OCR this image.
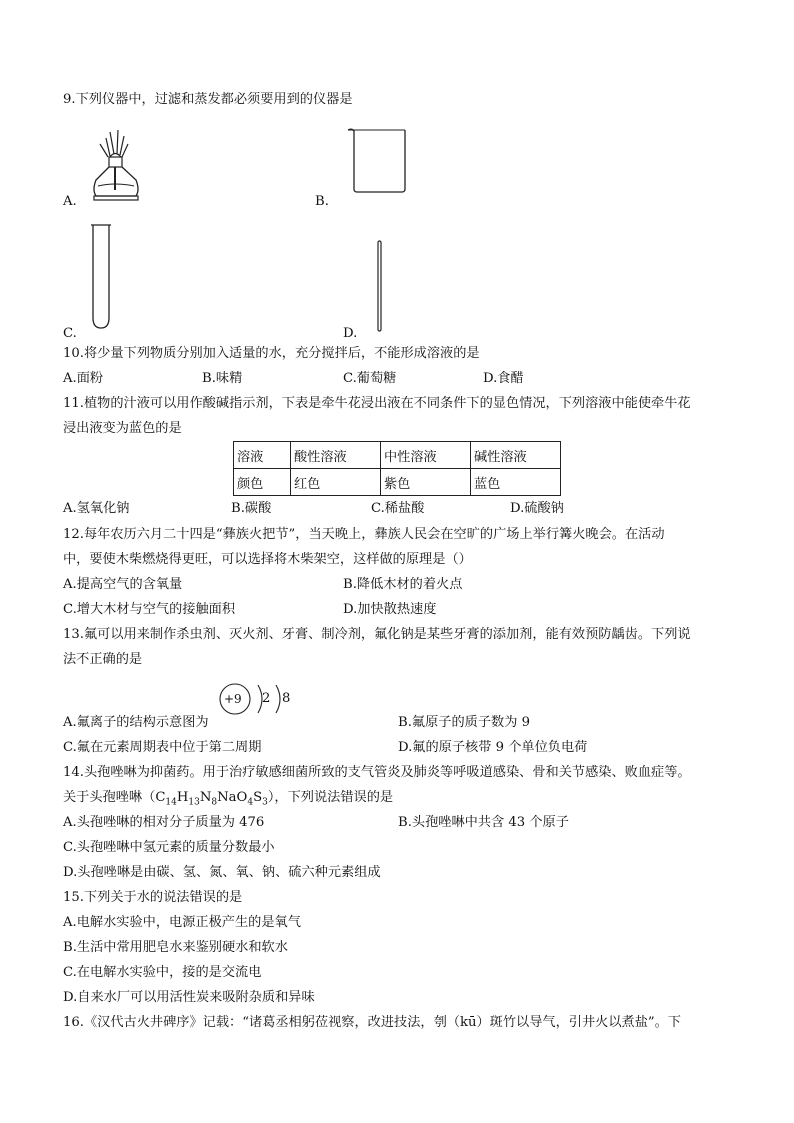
9.下列仪器中，过滤和蒸发都必须要用到的仪器是
A.	B.
C.	D.
10.将少量下列物质分别加入适量的水，充分搅拌后，不能形成溶液的是
A.面粉	B.味精	C.葡萄糖	D.食醋
11.植物的汁液可以用作酸碱指示剂，下表是牵牛花浸出液在不同条件下的显色情况，下列溶液中能使牵牛花
浸出液变为蓝色的是
溶液	酸性溶液	中性溶液	碱性溶液
颜色	红色	紫色	蓝色
A.氢氧化钠	B.碳酸	C.稀盐酸	D.硫酸钠
12.每年农历六月二十四是“彝族火把节”，当天晚上，彝族人民会在空旷的广场上举行篝火晚会。在活动
中，要使木柴燃烧得更旺，可以选择将木柴架空，这样做的原理是（）
A.提高空气的含氧量	B.降低木材的着火点
C.增大木材与空气的接触面积	D.加快散热速度
13.氟可以用来制作杀虫剂、灭火剂、牙膏、制冷剂，氟化钠是某些牙膏的添加剂，能有效预防龋齿。下列说
法不正确的是
+9 2 8
A.氟离子的结构示意图为	B.氟原子的质子数为 9
C.氟在元素周期表中位于第二周期	D.氟的原子核带 9 个单位负电荷
14.头孢唑啉为抑菌药。用于治疗敏感细菌所致的支气管炎及肺炎等呼吸道感染、骨和关节感染、败血症等。
关于头孢唑啉$(C_{14}H_{13}N_8NaO_4S_3)$，下列说法错误的是
A.头孢唑啉的相对分子质量为 476	B.头孢唑啉中共含 43 个原子
C.头孢唑啉中氢元素的质量分数最小
D.头孢唑啉是由碳、氢、氮、氧、钠、硫六种元素组成
15.下列关于水的说法错误的是
A.电解水实验中，电源正极产生的是氧气
B.生活中常用肥皂水来鉴别硬水和软水
C.在电解水实验中，接的是交流电
D.自来水厂可以用活性炭来吸附杂质和异味
16.《汉代古火井碑序》记载：“诸葛丞相躬莅视察，改进技法，刳（kū）斑竹以导气，引井火以煮盐”。下
